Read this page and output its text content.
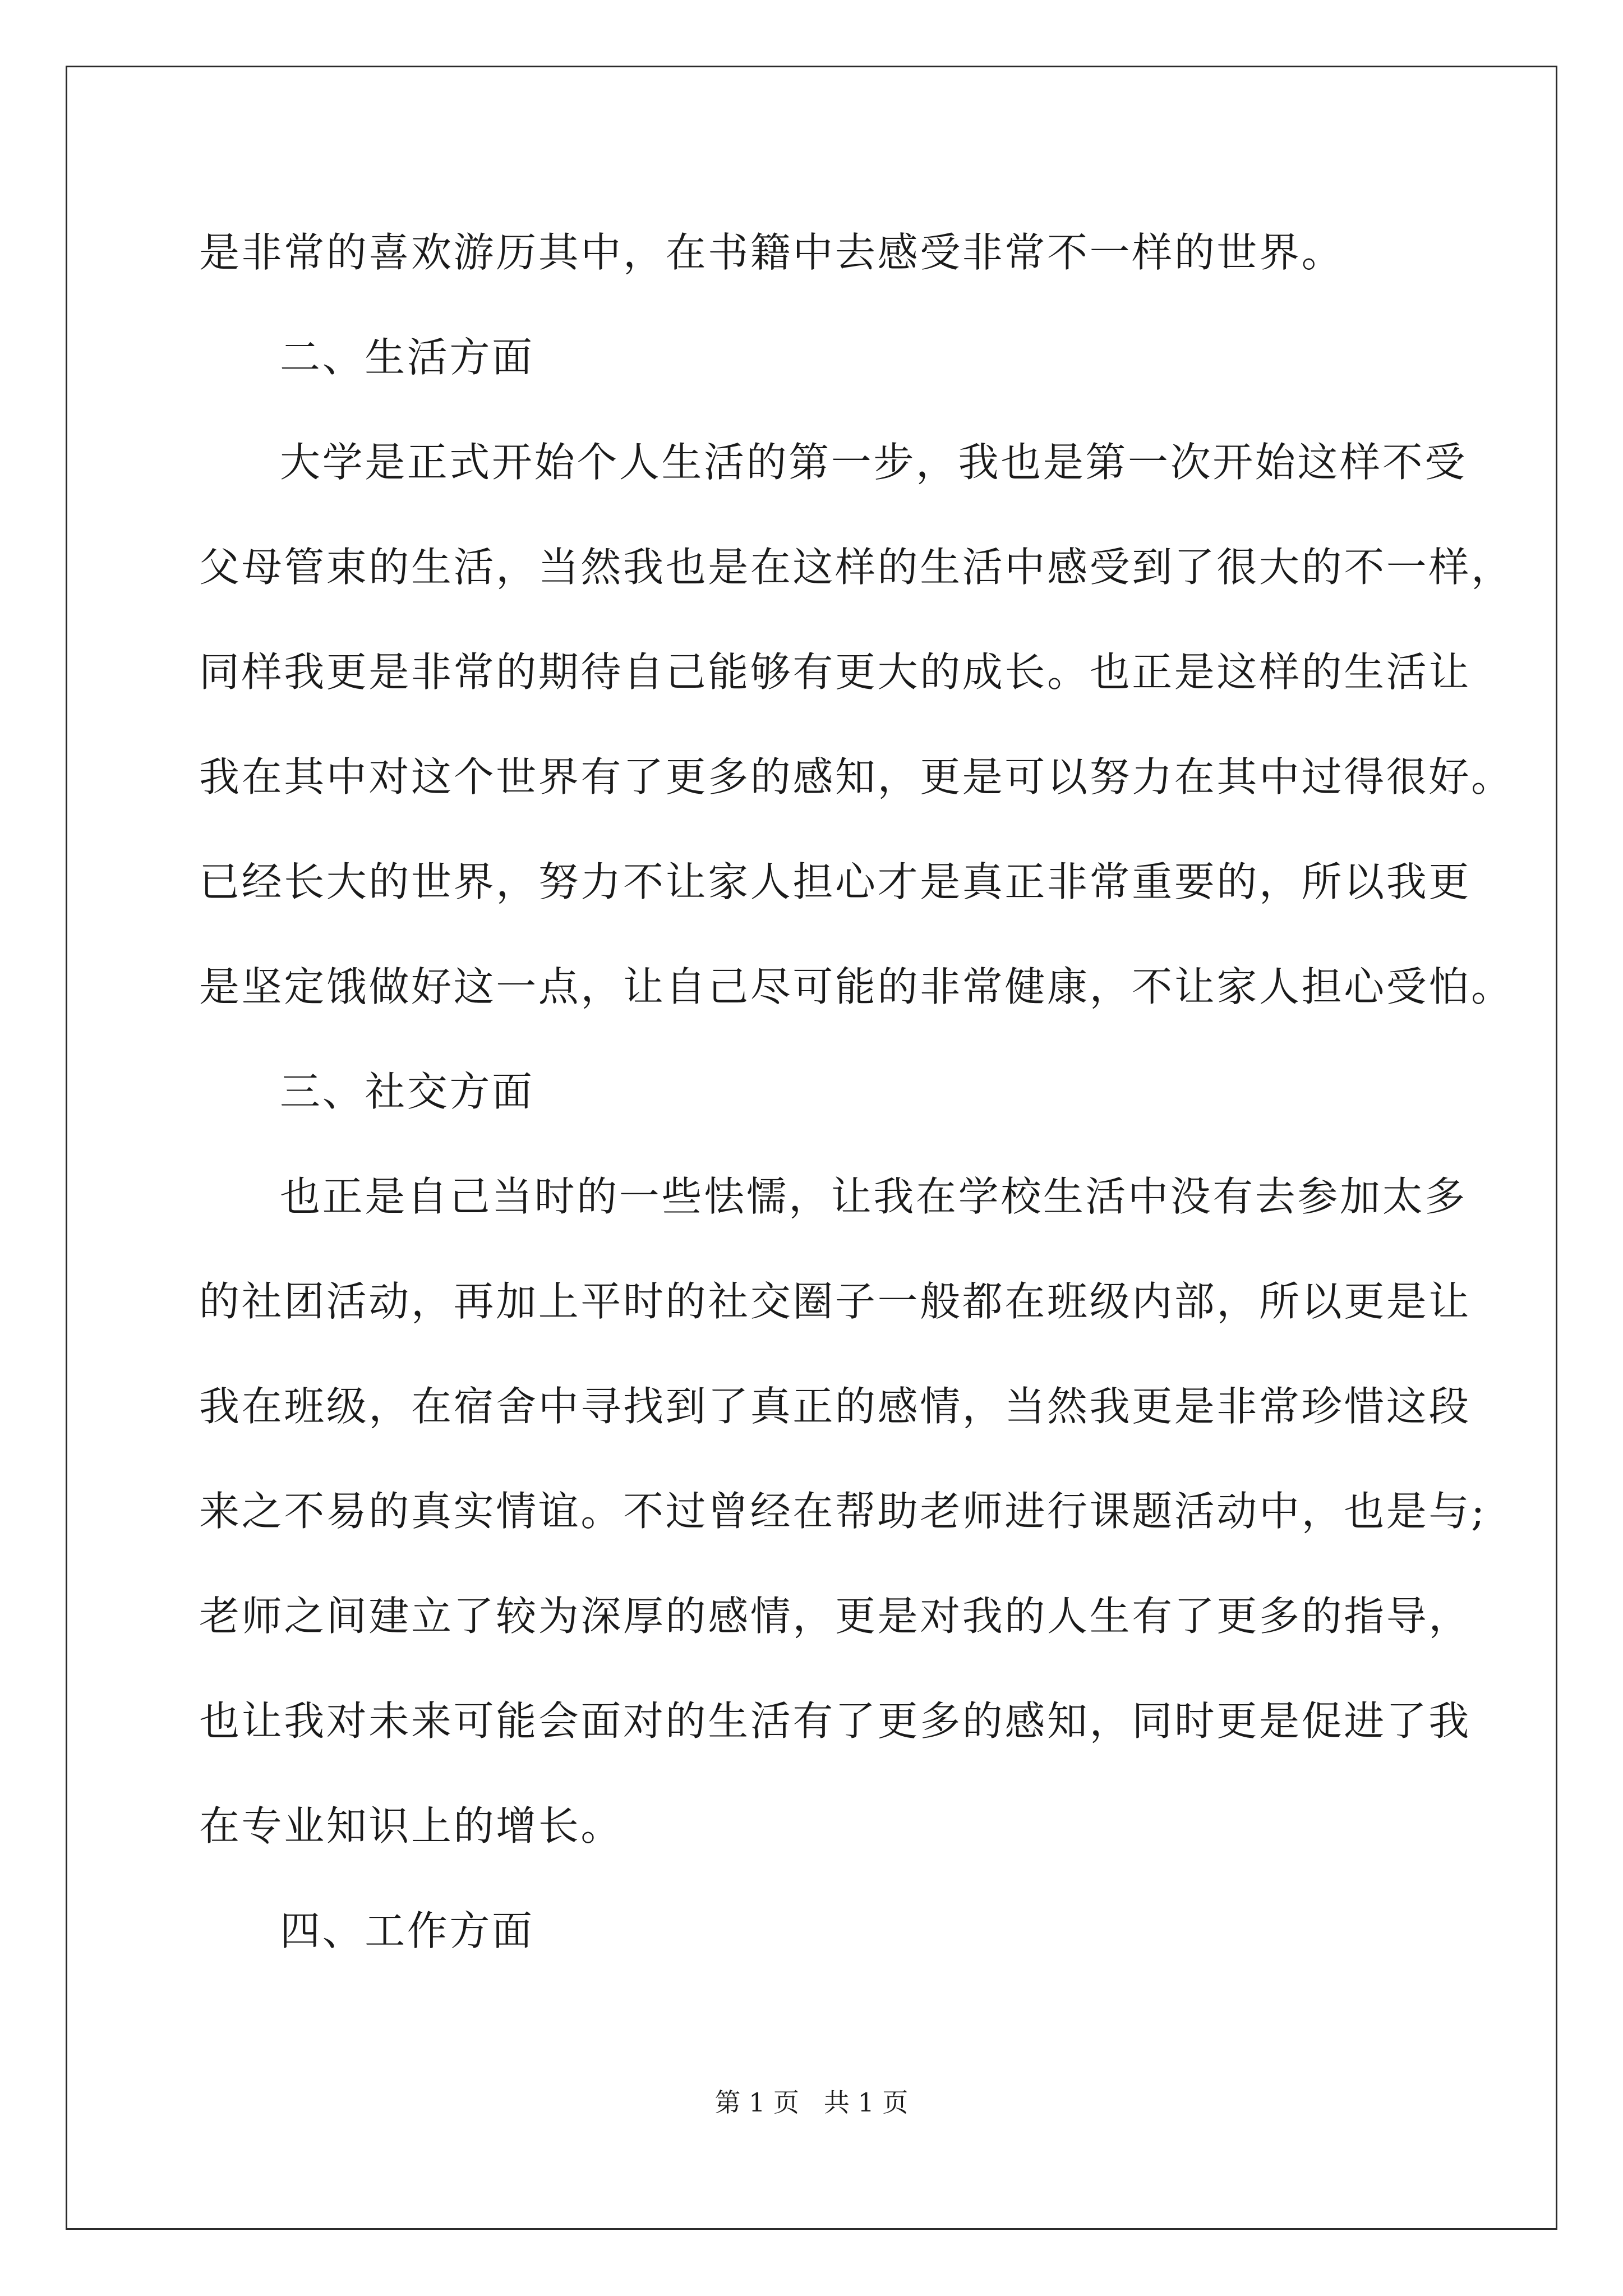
是非常的喜欢游历其中，在书籍中去感受非常不一样的世界。
二、生活方面
大学是正式开始个人生活的第一步，我也是第一次开始这样不受
父母管束的生活，当然我也是在这样的生活中感受到了很大的不一样，
同样我更是非常的期待自己能够有更大的成长。也正是这样的生活让
我在其中对这个世界有了更多的感知，更是可以努力在其中过得很好。
已经长大的世界，努力不让家人担心才是真正非常重要的，所以我更
是坚定饿做好这一点，让自己尽可能的非常健康，不让家人担心受怕。
三、社交方面
也正是自己当时的一些怯懦，让我在学校生活中没有去参加太多
的社团活动，再加上平时的社交圈子一般都在班级内部，所以更是让
我在班级，在宿舍中寻找到了真正的感情，当然我更是非常珍惜这段
来之不易的真实情谊。不过曾经在帮助老师进行课题活动中，也是与;
老师之间建立了较为深厚的感情，更是对我的人生有了更多的指导，
也让我对未来可能会面对的生活有了更多的感知，同时更是促进了我
在专业知识上的增长。
四、工作方面
第 1 页   共 1 页
